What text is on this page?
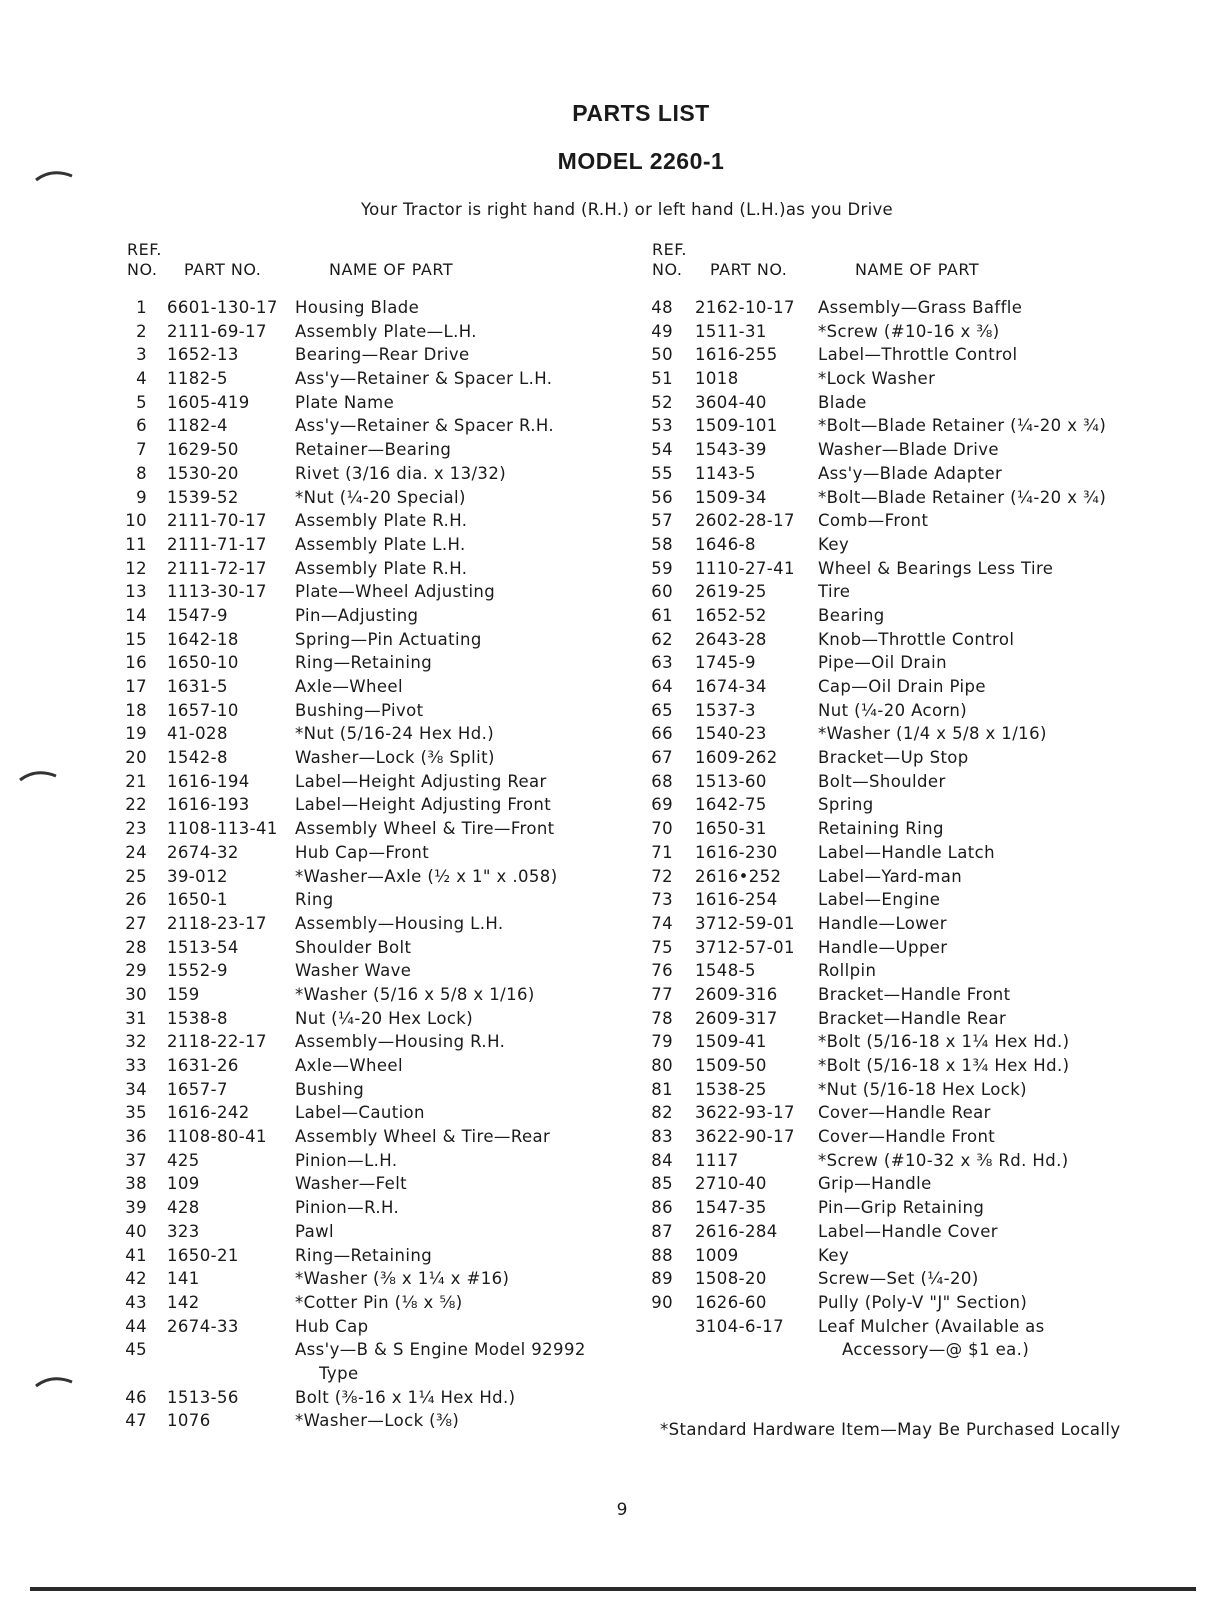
PARTS LIST
MODEL 2260-1
Your Tractor is right hand (R.H.) or left hand (L.H.)as you Drive
REF.
NO. PART NO.	NAME OF PART
1 6601-130-17 Housing Blade
2 2111-69-17 Assembly Plate—L.H.
3 1652-13	Bearing—Rear Drive
4 1182-5	Ass'y—Retainer & Spacer L.H.
5 1605-419	Plate Name
6 1182-4	Ass'y—Retainer & Spacer R.H.
7 1629-50	Retainer—Bearing
8 1530-20	Rivet (3/16 dia. x 13/32)
9 1539-52	*Nut (¼-20 Special)
10 2111-70-17 Assembly Plate R.H.
11 2111-71-17 Assembly Plate L.H.
12 2111-72-17 Assembly Plate R.H.
13 1113-30-17 Plate—Wheel Adjusting
14 1547-9	Pin—Adjusting
15 1642-18	Spring—Pin Actuating
16 1650-10	Ring—Retaining
17 1631-5	Axle—Wheel
18 1657-10	Bushing—Pivot
19 41-028	*Nut (5/16-24 Hex Hd.)
20 1542-8	Washer—Lock (⅜ Split)
21 1616-194	Label—Height Adjusting Rear
22 1616-193	Label—Height Adjusting Front
23 1108-113-41 Assembly Wheel & Tire—Front
24 2674-32	Hub Cap—Front
25 39-012	*Washer—Axle (½ x 1" x .058)
26 1650-1	Ring
27 2118-23-17 Assembly—Housing L.H.
28 1513-54	Shoulder Bolt
29 1552-9	Washer Wave
30 159	*Washer (5/16 x 5/8 x 1/16)
31 1538-8	Nut (¼-20 Hex Lock)
32 2118-22-17 Assembly—Housing R.H.
33 1631-26	Axle—Wheel
34 1657-7	Bushing
35 1616-242	Label—Caution
36 1108-80-41 Assembly Wheel & Tire—Rear
37 425	Pinion—L.H.
38 109	Washer—Felt
39 428	Pinion—R.H.
40 323	Pawl
41 1650-21	Ring—Retaining
42 141	*Washer (⅜ x 1¼ x #16)
43 142	*Cotter Pin (⅛ x ⅝)
44 2674-33	Hub Cap
45	Ass'y—B & S Engine Model 92992
Type
46 1513-56	Bolt (⅜-16 x 1¼ Hex Hd.)
47 1076	*Washer—Lock (⅜)
REF.
NO. PART NO.	NAME OF PART
48 2162-10-17 Assembly—Grass Baffle
49 1511-31	*Screw (#10-16 x ⅜)
50 1616-255 Label—Throttle Control
51 1018	*Lock Washer
52 3604-40	Blade
53 1509-101 *Bolt—Blade Retainer (¼-20 x ¾)
54 1543-39	Washer—Blade Drive
55 1143-5	Ass'y—Blade Adapter
56 1509-34	*Bolt—Blade Retainer (¼-20 x ¾)
57 2602-28-17 Comb—Front
58 1646-8	Key
59 1110-27-41 Wheel & Bearings Less Tire
60 2619-25	Tire
61 1652-52	Bearing
62 2643-28	Knob—Throttle Control
63 1745-9	Pipe—Oil Drain
64 1674-34	Cap—Oil Drain Pipe
65 1537-3	Nut (¼-20 Acorn)
66 1540-23	*Washer (1/4 x 5/8 x 1/16)
67 1609-262 Bracket—Up Stop
68 1513-60	Bolt—Shoulder
69 1642-75	Spring
70 1650-31	Retaining Ring
71 1616-230 Label—Handle Latch
72 2616•252 Label—Yard-man
73 1616-254 Label—Engine
74 3712-59-01 Handle—Lower
75 3712-57-01 Handle—Upper
76 1548-5	Rollpin
77 2609-316 Bracket—Handle Front
78 2609-317 Bracket—Handle Rear
79 1509-41	*Bolt (5/16-18 x 1¼ Hex Hd.)
80 1509-50	*Bolt (5/16-18 x 1¾ Hex Hd.)
81 1538-25	*Nut (5/16-18 Hex Lock)
82 3622-93-17 Cover—Handle Rear
83 3622-90-17 Cover—Handle Front
84 1117	*Screw (#10-32 x ⅜ Rd. Hd.)
85 2710-40	Grip—Handle
86 1547-35	Pin—Grip Retaining
87 2616-284 Label—Handle Cover
88 1009	Key
89 1508-20	Screw—Set (¼-20)
90 1626-60	Pully (Poly-V "J" Section)
3104-6-17 Leaf Mulcher (Available as
Accessory—@ $1 ea.)
*Standard Hardware Item—May Be Purchased Locally
9
